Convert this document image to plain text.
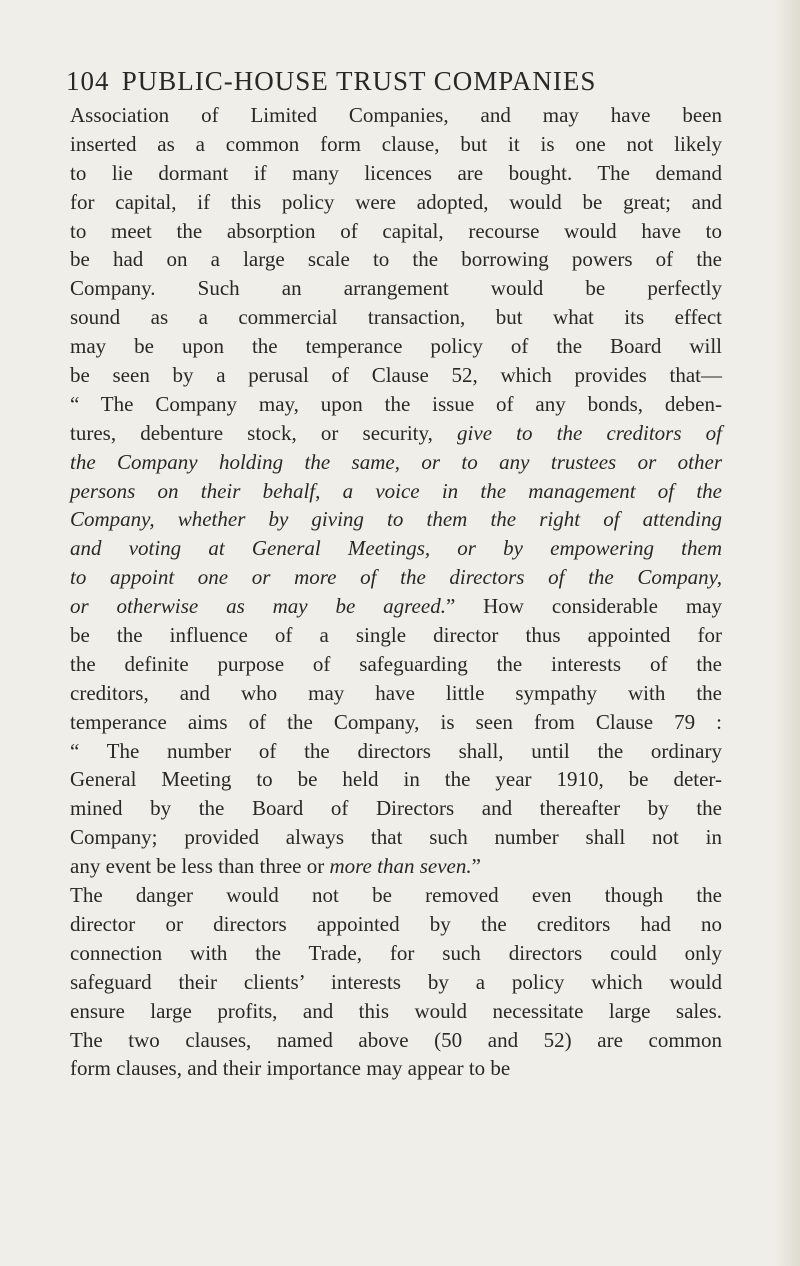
104 PUBLIC-HOUSE TRUST COMPANIES
Association of Limited Companies, and may have been
inserted as a common form clause, but it is one not likely
to lie dormant if many licences are bought. The demand
for capital, if this policy were adopted, would be great; and
to meet the absorption of capital, recourse would have to
be had on a large scale to the borrowing powers of the
Company. Such an arrangement would be perfectly
sound as a commercial transaction, but what its effect
may be upon the temperance policy of the Board will
be seen by a perusal of Clause 52, which provides that—
“ The Company may, upon the issue of any bonds, deben-
tures, debenture stock, or security, give to the creditors of
the Company holding the same, or to any trustees or other
persons on their behalf, a voice in the management of the
Company, whether by giving to them the right of attending
and voting at General Meetings, or by empowering them
to appoint one or more of the directors of the Company,
or otherwise as may be agreed.” How considerable may
be the influence of a single director thus appointed for
the definite purpose of safeguarding the interests of the
creditors, and who may have little sympathy with the
temperance aims of the Company, is seen from Clause 79 :
“ The number of the directors shall, until the ordinary
General Meeting to be held in the year 1910, be deter-
mined by the Board of Directors and thereafter by the
Company; provided always that such number shall not in
any event be less than three or more than seven.”
The danger would not be removed even though the
director or directors appointed by the creditors had no
connection with the Trade, for such directors could only
safeguard their clients’ interests by a policy which would
ensure large profits, and this would necessitate large sales.
The two clauses, named above (50 and 52) are common
form clauses, and their importance may appear to be
